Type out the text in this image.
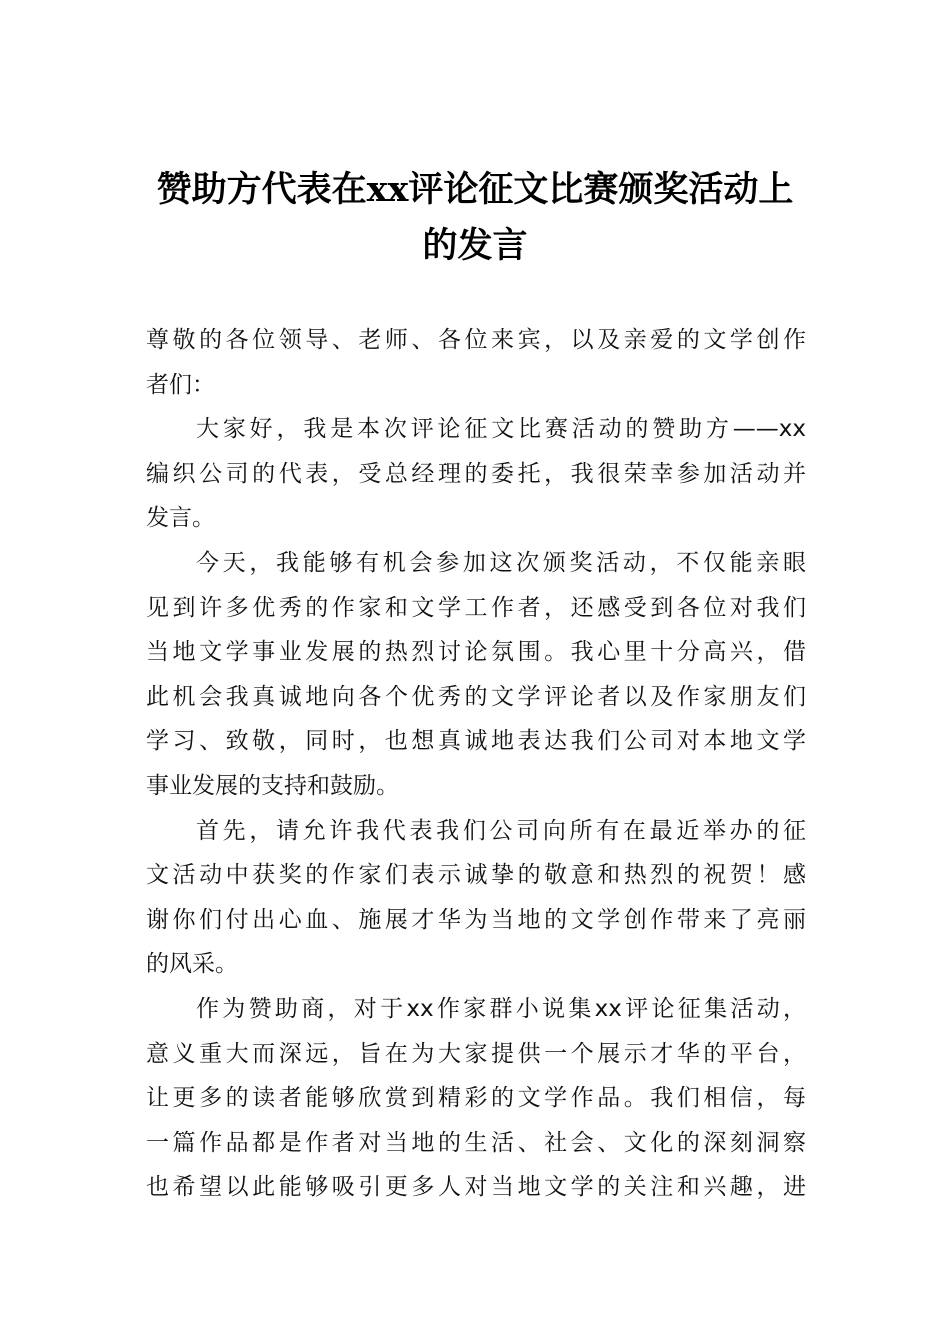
赞助方代表在xx评论征文比赛颁奖活动上
的发言
尊敬的各位领导、老师、各位来宾，以及亲爱的文学创作
者们：
大家好，我是本次评论征文比赛活动的赞助方——xx
编织公司的代表，受总经理的委托，我很荣幸参加活动并
发言。
今天，我能够有机会参加这次颁奖活动，不仅能亲眼
见到许多优秀的作家和文学工作者，还感受到各位对我们
当地文学事业发展的热烈讨论氛围。我心里十分高兴，借
此机会我真诚地向各个优秀的文学评论者以及作家朋友们
学习、致敬，同时，也想真诚地表达我们公司对本地文学
事业发展的支持和鼓励。
首先，请允许我代表我们公司向所有在最近举办的征
文活动中获奖的作家们表示诚挚的敬意和热烈的祝贺！感
谢你们付出心血、施展才华为当地的文学创作带来了亮丽
的风采。
作为赞助商，对于xx作家群小说集xx评论征集活动，
意义重大而深远，旨在为大家提供一个展示才华的平台，
让更多的读者能够欣赏到精彩的文学作品。我们相信，每
一篇作品都是作者对当地的生活、社会、文化的深刻洞察
也希望以此能够吸引更多人对当地文学的关注和兴趣，进
